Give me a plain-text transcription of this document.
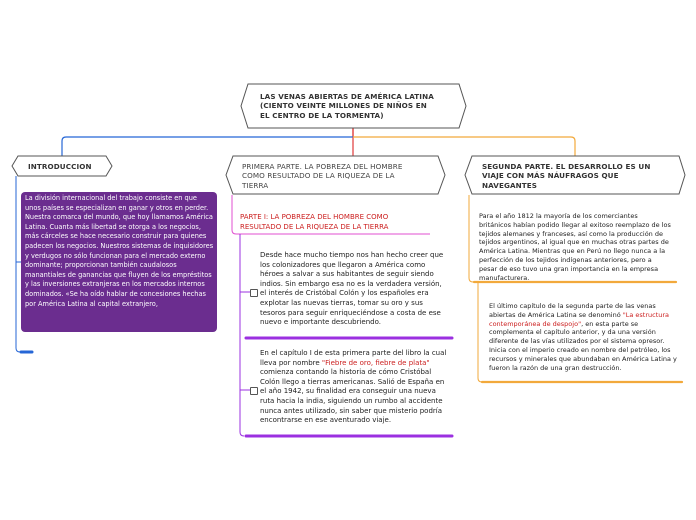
LAS VENAS ABIERTAS DE AMÉRICA LATINA
(CIENTO VEINTE MILLONES DE NIÑOS EN
EL CENTRO DE LA TORMENTA)
INTRODUCCION
La división internacional del trabajo consiste en que unos países se especializan en ganar y otros en perder. Nuestra comarca del mundo, que hoy llamamos América Latina. Cuanta más libertad se otorga a los negocios, más cárceles se hace necesario construir para quienes padecen los negocios. Nuestros sistemas de inquisidores y verdugos no sólo funcionan para el mercado externo dominante; proporcionan también caudalosos manantiales de ganancias que fluyen de los empréstitos y las inversiones extranjeras en los mercados internos dominados. «Se ha oído hablar de concesiones hechas por América Latina al capital extranjero,
PRIMERA PARTE. LA POBREZA DEL HOMBRE
COMO RESULTADO DE LA RIQUEZA DE LA
TIERRA
PARTE I: LA POBREZA DEL HOMBRE COMO
RESULTADO DE LA RIQUEZA DE LA TIERRA
Desde hace mucho tiempo nos han hecho creer que los colonizadores que llegaron a América como héroes a salvar a sus habitantes de seguir siendo indios. Sin embargo esa no es la verdadera versión, el interés de Cristóbal Colón y los españoles era explotar las nuevas tierras, tomar su oro y sus tesoros para seguir enriqueciéndose a costa de ese nuevo e importante descubriendo.
En el capítulo I de esta primera parte del libro la cual lleva por nombre "Fiebre de oro, fiebre de plata" comienza contando la historia de cómo Cristóbal Colón llego a tierras americanas. Salió de España en el año 1942, su finalidad era conseguir una nueva ruta hacia la india, siguiendo un rumbo al accidente nunca antes utilizado, sin saber que misterio podría encontrarse en ese aventurado viaje.
SEGUNDA PARTE. EL DESARROLLO ES UN
VIAJE CON MÁS NÁUFRAGOS QUE
NAVEGANTES
Para el año 1812 la mayoría de los comerciantes británicos habían podido llegar al exitoso reemplazo de los tejidos alemanes y franceses, así como la producción de tejidos argentinos, al igual que en muchas otras partes de América Latina. Mientras que en Perú no llego nunca a la perfección de los tejidos indígenas anteriores, pero a pesar de eso tuvo una gran importancia en la empresa manufacturera.
El último capítulo de la segunda parte de las venas abiertas de América Latina se denominó "La estructura contemporánea de despojo", en esta parte se complementa el capítulo anterior, y da una versión diferente de las vías utilizados por el sistema opresor. Inicia con el imperio creado en nombre del petróleo, los recursos y minerales que abundaban en América Latina y fueron la razón de una gran destrucción.
